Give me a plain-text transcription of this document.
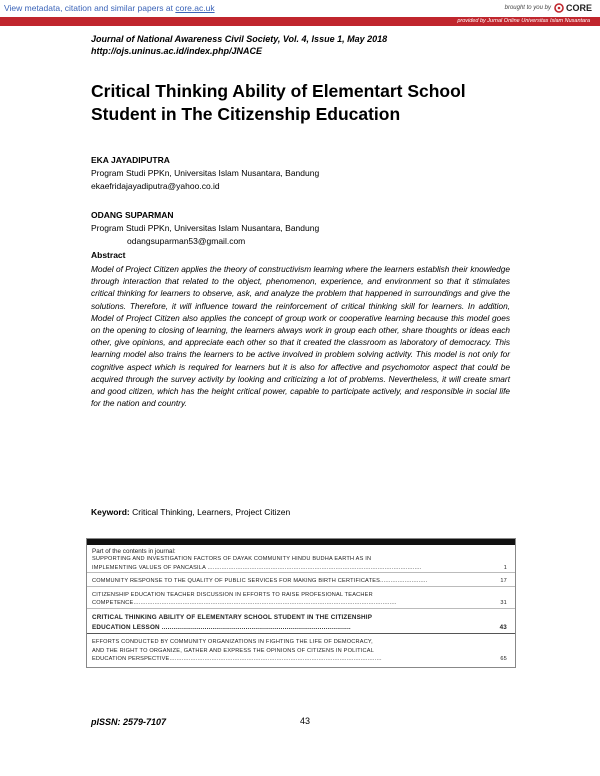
View metadata, citation and similar papers at core.ac.uk	brought to you by CORE
provided by Jurnal Online Universitas Islam Nusantara
Journal of National Awareness Civil Society, Vol. 4, Issue 1, May 2018
http://ojs.uninus.ac.id/index.php/JNACE
Critical Thinking Ability of Elementart School
Student in The Citizenship Education
EKA JAYADIPUTRA
Program Studi PPKn, Universitas Islam Nusantara, Bandung
ekaefridajayadiputra@yahoo.co.id
ODANG SUPARMAN
Program Studi PPKn, Universitas Islam Nusantara, Bandung
odangsuparman53@gmail.com
Abstract
Model of Project Citizen applies the theory of constructivism learning where the learners establish their knowledge through interaction that related to the object, phenomenon, experience, and environment so that it stimulates critical thinking for learners to observe, ask, and analyze the problem that happened in surroundings and give the solutions. Therefore, it will influence toward the reinforcement of critical thinking skill for learners. In addition, Model of Project Citizen also applies the concept of group work or cooperative learning because this model goes on the opening to closing of learning, the learners always work in group each other, share thoughts or ideas each other, give opinions, and appreciate each other so that it created the classroom as laboratory of democracy. This learning model also trains the learners to be active involved in problem solving activity. This model is not only for cognitive aspect which is required for learners but it is also for affective and psychomotor aspect that could be acquired through the survey activity by looking and criticizing a lot of problems. Nevertheless, it will create smart and good citizen, which has the height critical power, capable to participate actively, and responsible in social life for the nation and country.
Keyword: Critical Thinking, Learners, Project Citizen
Part of the contents in journal:
SUPPORTING AND INVESTIGATION FACTORS OF DAYAK COMMUNITY HINDU BUDHA EARTH AS IN
IMPLEMENTING VALUES OF PANCASILA ..........................................................................................................................	1
COMMUNITY RESPONSE TO THE QUALITY OF PUBLIC SERVICES FOR MAKING BIRTH CERTIFICATES...........................	17
CITIZENSHIP EDUCATION TEACHER DISCUSSION IN EFFORTS TO RAISE PROFESIONAL TEACHER
COMPETENCE......................................................................................................................................................	31
CRITICAL THINKING ABILITY OF ELEMENTARY SCHOOL STUDENT IN THE CITIZENSHIP
EDUCATION LESSON .................................................................................................	43
EFFORTS CONDUCTED BY COMMUNITY ORGANIZATIONS IN FIGHTING THE LIFE OF DEMOCRACY,
AND THE RIGHT TO ORGANIZE, GATHER AND EXPRESS THE OPINIONS OF CITIZENS IN POLITICAL
EDUCATION PERSPECTIVE.........................................................................................................................	65
pISSN: 2579-7107	43
